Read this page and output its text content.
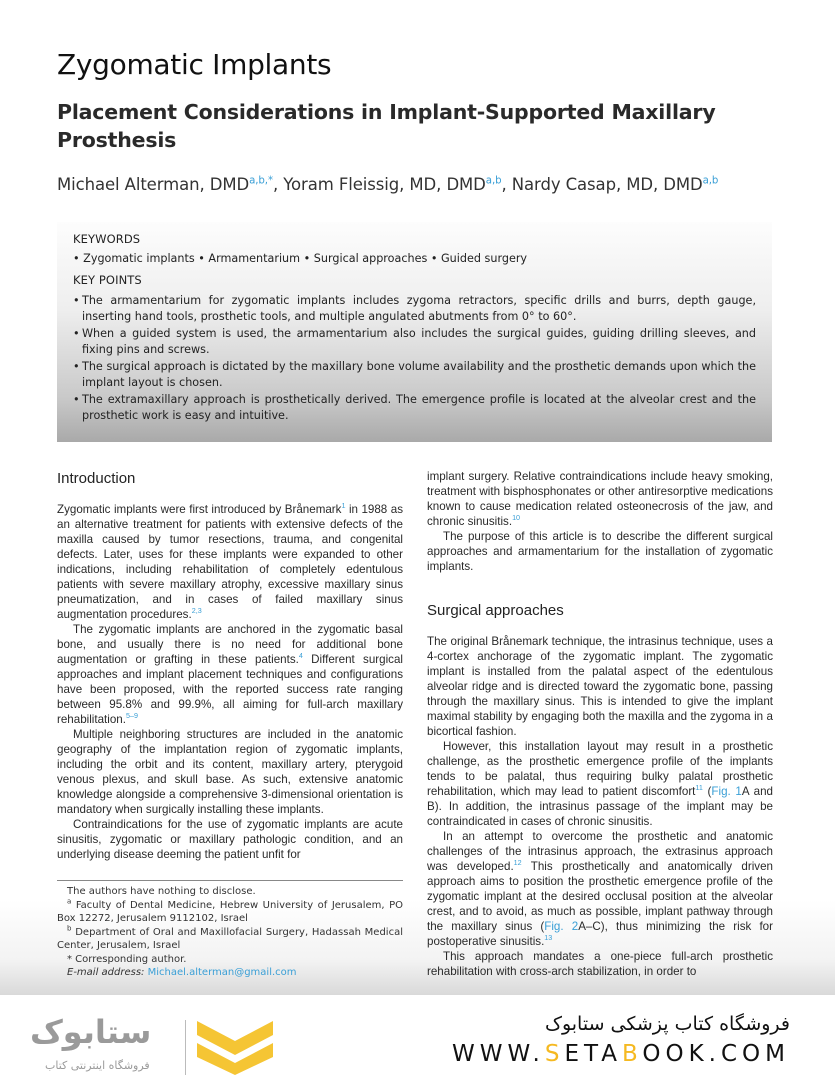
Zygomatic Implants
Placement Considerations in Implant-Supported Maxillary Prosthesis
Michael Alterman, $DMD^{a,b,*}$, Yoram Fleissig, MD, DMD$^{a,b}$, Nardy Casap, MD, DMD$^{a,b}$
KEYWORDS
• Zygomatic implants • Armamentarium • Surgical approaches • Guided surgery
KEY POINTS
• The armamentarium for zygomatic implants includes zygoma retractors, specific drills and burrs, depth gauge, inserting hand tools, prosthetic tools, and multiple angulated abutments from 0° to 60°.
• When a guided system is used, the armamentarium also includes the surgical guides, guiding drilling sleeves, and fixing pins and screws.
• The surgical approach is dictated by the maxillary bone volume availability and the prosthetic demands upon which the implant layout is chosen.
• The extramaxillary approach is prosthetically derived. The emergence profile is located at the alveolar crest and the prosthetic work is easy and intuitive.
Introduction

Zygomatic implants were first introduced by Brånemark$^1$ in 1988 as an alternative treatment for patients with extensive defects of the maxilla caused by tumor resections, trauma, and congenital defects. Later, uses for these implants were expanded to other indications, including rehabilitation of completely edentulous patients with severe maxillary atrophy, excessive maxillary sinus pneumatization, and in cases of failed maxillary sinus augmentation procedures.$^{2,3}$

The zygomatic implants are anchored in the zygomatic basal bone, and usually there is no need for additional bone augmentation or grafting in these patients.$^4$ Different surgical approaches and implant placement techniques and configurations have been proposed, with the reported success rate ranging between 95.8% and 99.9%, all aiming for full-arch maxillary rehabilitation.$^{5-9}$

Multiple neighboring structures are included in the anatomic geography of the implantation region of zygomatic implants, including the orbit and its content, maxillary artery, pterygoid venous plexus, and skull base. As such, extensive anatomic knowledge alongside a comprehensive 3-dimensional orientation is mandatory when surgically installing these implants.

Contraindications for the use of zygomatic implants are acute sinusitis, zygomatic or maxillary pathologic condition, and an underlying disease deeming the patient unfit for

The authors have nothing to disclose.
$^a$ Faculty of Dental Medicine, Hebrew University of Jerusalem, PO Box 12272, Jerusalem 9112102, Israel
$^b$ Department of Oral and Maxillofacial Surgery, Hadassah Medical Center, Jerusalem, Israel
* Corresponding author.
E-mail address: Michael.alterman@gmail.com

implant surgery. Relative contraindications include heavy smoking, treatment with bisphosphonates or other antiresorptive medications known to cause medication related osteonecrosis of the jaw, and chronic sinusitis.$^{10}$

The purpose of this article is to describe the different surgical approaches and armamentarium for the installation of zygomatic implants.

Surgical approaches

The original Brånemark technique, the intrasinus technique, uses a 4-cortex anchorage of the zygomatic implant. The zygomatic implant is installed from the palatal aspect of the edentulous alveolar ridge and is directed toward the zygomatic bone, passing through the maxillary sinus. This is intended to give the implant maximal stability by engaging both the maxilla and the zygoma in a bicortical fashion.

However, this installation layout may result in a prosthetic challenge, as the prosthetic emergence profile of the implants tends to be palatal, thus requiring bulky palatal prosthetic rehabilitation, which may lead to patient discomfort$^{11}$ (Fig. 1A and B). In addition, the intrasinus passage of the implant may be contraindicated in cases of chronic sinusitis.

In an attempt to overcome the prosthetic and anatomic challenges of the intrasinus approach, the extrasinus approach was developed.$^{12}$ This prosthetically and anatomically driven approach aims to position the prosthetic emergence profile of the zygomatic implant at the desired occlusal position at the alveolar crest, and to avoid, as much as possible, implant pathway through the maxillary sinus (Fig. 2A–C), thus minimizing the risk for postoperative sinusitis.$^{13}$

This approach mandates a one-piece full-arch prosthetic rehabilitation with cross-arch stabilization, in order to

ستابوک
فروشگاه اینترنتی کتاب
فروشگاه کتاب پزشکی ستابوک
WWW.SETABOOK.COM
